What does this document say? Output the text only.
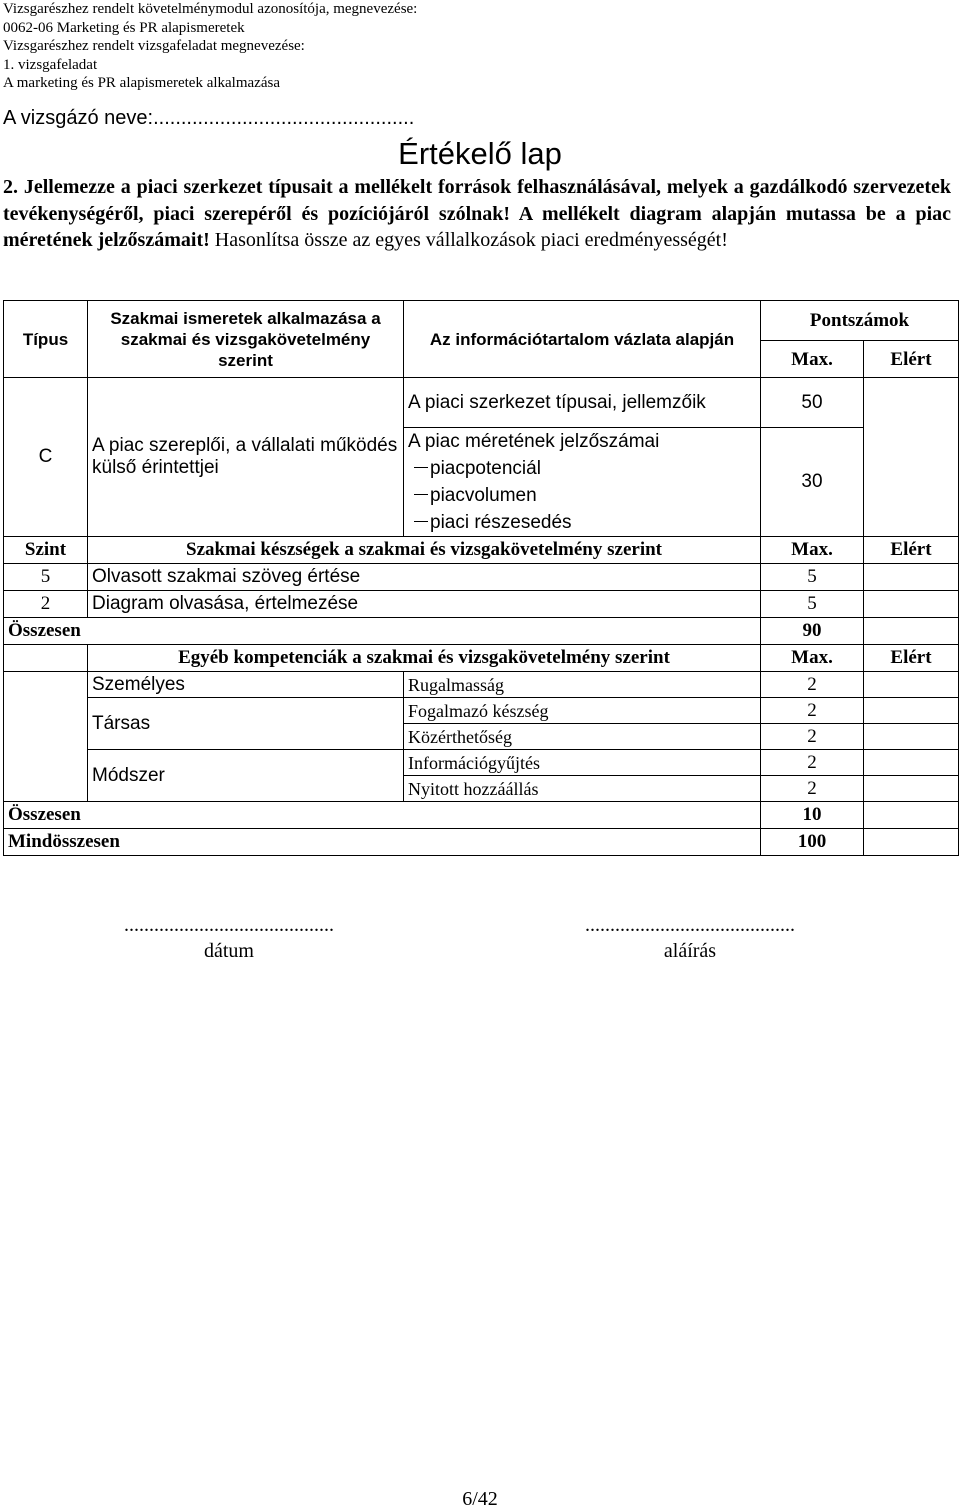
Vizsgarészhez rendelt követelménymodul azonosítója, megnevezése:
0062-06 Marketing és PR alapismeretek
Vizsgarészhez rendelt vizsgafeladat megnevezése:
1. vizsgafeladat
A marketing és PR alapismeretek alkalmazása
A vizsgázó neve:...............................................
Értékelő lap
2. Jellemezze a piaci szerkezet típusait a mellékelt források felhasználásával, melyek a gazdálkodó szervezetek tevékenységéről, piaci szerepéről és pozíciójáról szólnak! A mellékelt diagram alapján mutassa be a piac méretének jelzőszámait! Hasonlítsa össze az egyes vállalkozások piaci eredményességét!
Típus	Szakmai ismeretek alkalmazása a szakmai és vizsgakövetelmény szerint	Az információtartalom vázlata alapján	Pontszámok	
			Max.	Elért
C	A piac szereplői, a vállalati működés külső érintettjei	A piaci szerkezet típusai, jellemzőik	50	
		A piac méretének jelzőszámai
piacpotenciál
piacvolumen
piaci részesedés	30	
Szint	Szakmai készségek a szakmai és vizsgakövetelmény szerint		Max.	Elért
5	Olvasott szakmai szöveg értése		5	
2	Diagram olvasása, értelmezése		5	
Összesen			90	
	Egyéb kompetenciák a szakmai és vizsgakövetelmény szerint		Max.	Elért
	Személyes	Rugalmasság	2	
	Társas	Fogalmazó készség	2	
		Közérthetőség	2	
	Módszer	Információgyűjtés	2	
		Nyitott hozzáállás	2	
Összesen			10	
Mindösszesen			100	
..........................................
dátum
..........................................
aláírás
6/42
